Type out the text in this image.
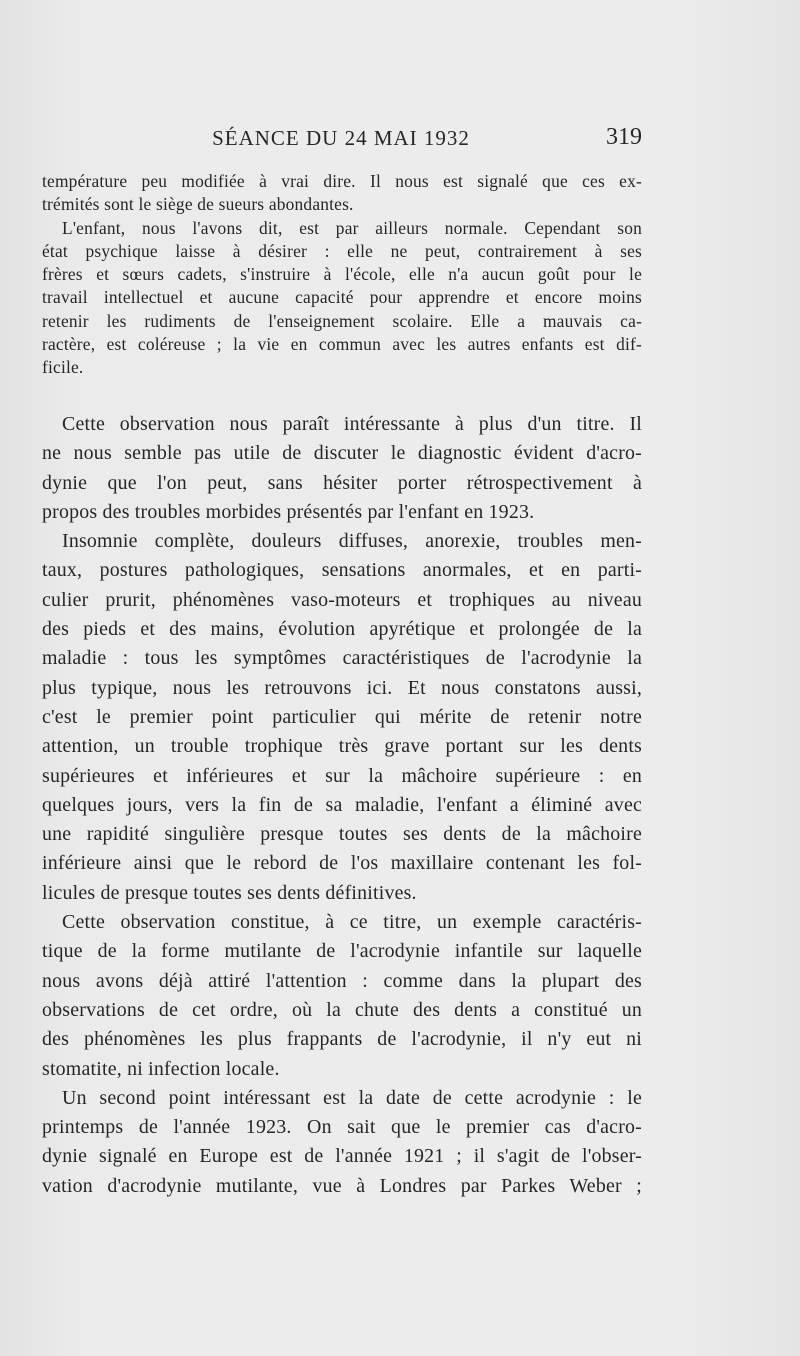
SÉANCE DU 24 MAI 1932	319
température peu modifiée à vrai dire. Il nous est signalé que ces ex-
trémités sont le siège de sueurs abondantes.
L'enfant, nous l'avons dit, est par ailleurs normale. Cependant son
état psychique laisse à désirer : elle ne peut, contrairement à ses
frères et sœurs cadets, s'instruire à l'école, elle n'a aucun goût pour le
travail intellectuel et aucune capacité pour apprendre et encore moins
retenir les rudiments de l'enseignement scolaire. Elle a mauvais ca-
ractère, est coléreuse ; la vie en commun avec les autres enfants est dif-
ficile.
Cette observation nous paraît intéressante à plus d'un titre. Il
ne nous semble pas utile de discuter le diagnostic évident d'acro-
dynie que l'on peut, sans hésiter porter rétrospectivement à
propos des troubles morbides présentés par l'enfant en 1923.
Insomnie complète, douleurs diffuses, anorexie, troubles men-
taux, postures pathologiques, sensations anormales, et en parti-
culier prurit, phénomènes vaso-moteurs et trophiques au niveau
des pieds et des mains, évolution apyrétique et prolongée de la
maladie : tous les symptômes caractéristiques de l'acrodynie la
plus typique, nous les retrouvons ici. Et nous constatons aussi,
c'est le premier point particulier qui mérite de retenir notre
attention, un trouble trophique très grave portant sur les dents
supérieures et inférieures et sur la mâchoire supérieure : en
quelques jours, vers la fin de sa maladie, l'enfant a éliminé avec
une rapidité singulière presque toutes ses dents de la mâchoire
inférieure ainsi que le rebord de l'os maxillaire contenant les fol-
licules de presque toutes ses dents définitives.
Cette observation constitue, à ce titre, un exemple caractéris-
tique de la forme mutilante de l'acrodynie infantile sur laquelle
nous avons déjà attiré l'attention : comme dans la plupart des
observations de cet ordre, où la chute des dents a constitué un
des phénomènes les plus frappants de l'acrodynie, il n'y eut ni
stomatite, ni infection locale.
Un second point intéressant est la date de cette acrodynie : le
printemps de l'année 1923. On sait que le premier cas d'acro-
dynie signalé en Europe est de l'année 1921 ; il s'agit de l'obser-
vation d'acrodynie mutilante, vue à Londres par Parkes Weber ;
